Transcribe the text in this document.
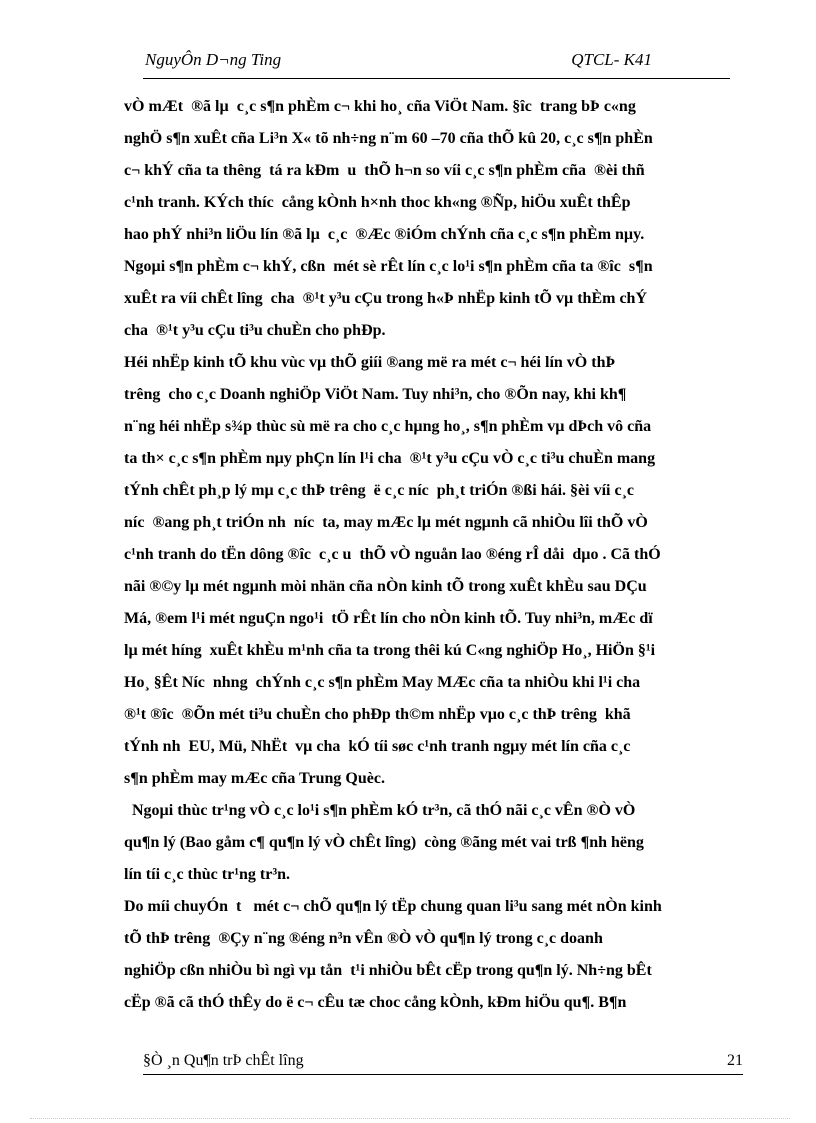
NguyÔn D¬ng Ting	QTCL- K41
vÒ mÆt  ®ã lµ  c¸c s¶n phÈm c¬ khi ho¸ cña ViÖt Nam. §îc  trang bÞ c«ng
nghÖ s¶n xuÊt cña Li³n X« tõ nh÷ng n¨m 60 –70 cña thÕ kû 20, c¸c s¶n phÈn
c¬ khÝ cña ta thêng  tá ra kÐm  u  thÕ h¬n so víi c¸c s¶n phÈm cña  ®èi thñ
c¹nh tranh. KÝch thíc  cång kÒnh h×nh thoc kh«ng ®Ñp, hiÖu xuÊt thÊp
hao phÝ nhi³n liÖu lín ®ã lµ  c¸c  ®Æc ®iÓm chÝnh cña c¸c s¶n phÈm nµy.
Ngoµi s¶n phÈm c¬ khÝ, cßn  mét sè rÊt lín c¸c lo¹i s¶n phÈm cña ta ®îc  s¶n
xuÊt ra víi chÊt lîng  cha  ®¹t y³u cÇu trong h«Þ nhËp kinh tÕ vµ thÈm chÝ
cha  ®¹t y³u cÇu ti³u chuÈn cho phÐp.
Héi nhËp kinh tÕ khu vùc vµ thÕ giíi ®ang më ra mét c¬ héi lín vÒ thÞ
trêng  cho c¸c Doanh nghiÖp ViÖt Nam. Tuy nhi³n, cho ®Õn nay, khi kh¶
n¨ng héi nhËp s¾p thùc sù më ra cho c¸c hµng ho¸, s¶n phÈm vµ dÞch vô cña
ta th× c¸c s¶n phÈm nµy phÇn lín l¹i cha  ®¹t y³u cÇu vÒ c¸c ti³u chuÈn mang
tÝnh chÊt ph¸p lý mµ c¸c thÞ trêng  ë c¸c níc  ph¸t triÓn ®ßi hái. §èi víi c¸c
níc  ®ang ph¸t triÓn nh  níc  ta, may mÆc lµ mét ngµnh cã nhiÒu lîi thÕ vÒ
c¹nh tranh do tËn dông ®îc  c¸c u  thÕ vÒ nguån lao ®éng rÎ dåi  dµo . Cã thÓ
nãi ®©y lµ mét ngµnh mòi nhän cña nÒn kinh tÕ trong xuÊt khÈu sau DÇu
Má, ®em l¹i mét nguÇn ngo¹i  tÖ rÊt lín cho nÒn kinh tÕ. Tuy nhi³n, mÆc dï
lµ mét híng  xuÊt khÈu m¹nh cña ta trong thêi kú C«ng nghiÖp Ho¸, HiÖn §¹i
Ho¸ §Êt Níc  nhng  chÝnh c¸c s¶n phÈm May MÆc cña ta nhiÒu khi l¹i cha
®¹t ®îc  ®Õn mét ti³u chuÈn cho phÐp th©m nhËp vµo c¸c thÞ trêng  khã
tÝnh nh  EU, Mü, NhËt  vµ cha  kÓ tíi søc c¹nh tranh ngµy mét lín cña c¸c
s¶n phÈm may mÆc cña Trung Quèc.
Ngoµi thùc tr¹ng vÒ c¸c lo¹i s¶n phÈm kÓ tr³n, cã thÓ nãi c¸c vÊn ®Ò vÒ
qu¶n lý (Bao gåm c¶ qu¶n lý vÒ chÊt lîng)  còng ®ãng mét vai trß ¶nh hëng
lín tíi c¸c thùc tr¹ng tr³n.
Do míi chuyÓn  t   mét c¬ chÕ qu¶n lý tËp chung quan li³u sang mét nÒn kinh
tÕ thÞ trêng  ®Çy n¨ng ®éng n³n vÊn ®Ò vÒ qu¶n lý trong c¸c doanh
nghiÖp cßn nhiÒu bì ngì vµ tån  t¹i nhiÒu bÊt cËp trong qu¶n lý. Nh÷ng bÊt
cËp ®ã cã thÓ thÊy do ë c¬ cÊu tæ choc cång kÒnh, kÐm hiÖu qu¶. B¶n
§Ò ¸n Qu¶n trÞ chÊt lîng	21
